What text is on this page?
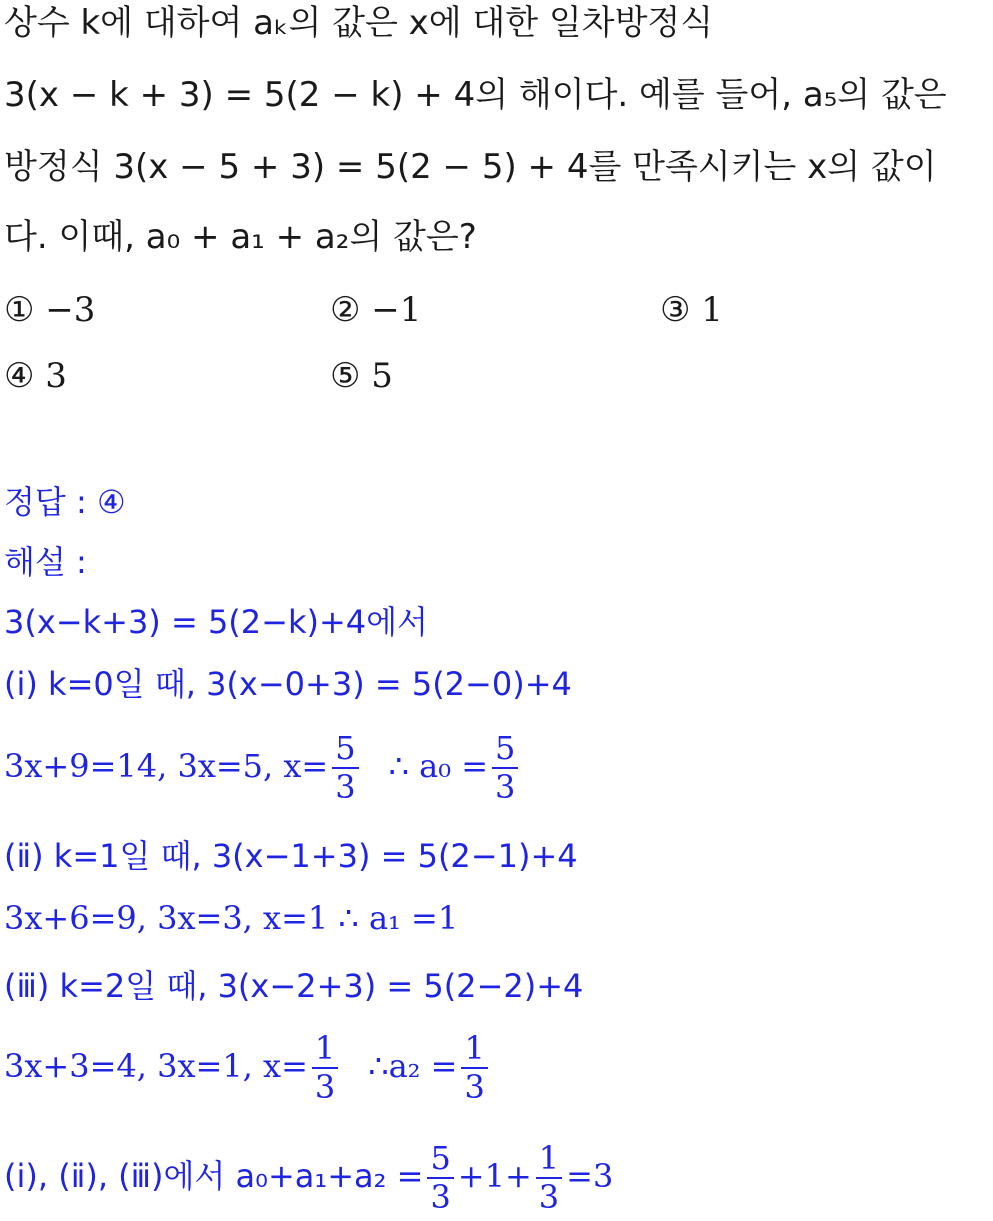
상수 k에 대하여 aₖ의 값은 x에 대한 일차방정식
3(x − k + 3) = 5(2 − k) + 4의 해이다. 예를 들어, a₅의 값은
방정식 3(x − 5 + 3) = 5(2 − 5) + 4를 만족시키는 x의 값이
다. 이때, a₀ + a₁ + a₂의 값은?
① −3	② −1	③ 1
④ 3	⑤ 5
정답 : ④
해설 :
3(x−k+3) = 5(2−k)+4에서
(ⅰ) k=0일 때, 3(x−0+3) = 5(2−0)+4
3x+9=14, 3x=5, $x= \frac{5}{3}$ ∴ $a_0 = \frac{5}{3}$
(ⅱ) k=1일 때, 3(x−1+3) = 5(2−1)+4
3x+6=9, 3x=3, x=1 ∴ a₁ =1
(ⅲ) k=2일 때, 3(x−2+3) = 5(2−2)+4
3x+3=4, 3x=1, $x= \frac{1}{3}$ ∴a₂ = $\frac{1}{3}$
(ⅰ), (ⅱ), (ⅲ)에서 $a_0+a_1+a_2 = \frac{5}{3} +1+ \frac{1}{3} =3$
